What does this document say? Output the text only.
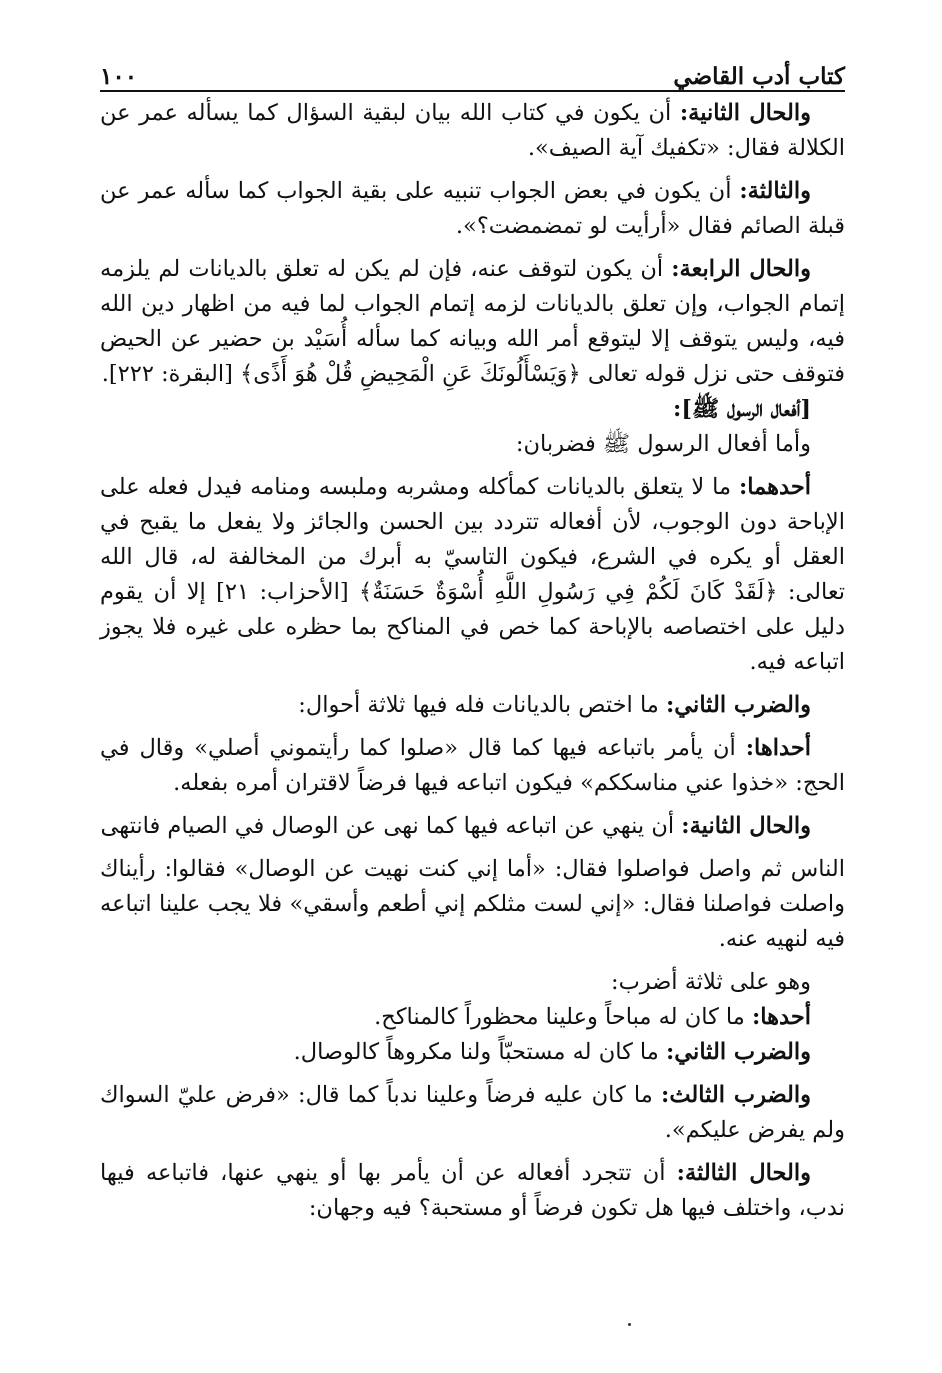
كتاب أدب القاضي
١٠٠

والحال الثانية: أن يكون في كتاب الله بيان لبقية السؤال كما يسأله عمر عن الكلالة فقال: «تكفيك آية الصيف».

والثالثة: أن يكون في بعض الجواب تنبيه على بقية الجواب كما سأله عمر عن قبلة الصائم فقال «أرأيت لو تمضمضت؟».

والحال الرابعة: أن يكون لتوقف عنه، فإن لم يكن له تعلق بالديانات لم يلزمه إتمام الجواب، وإن تعلق بالديانات لزمه إتمام الجواب لما فيه من اظهار دين الله فيه، وليس يتوقف إلا ليتوقع أمر الله وبيانه كما سأله أُسَيْد بن حضير عن الحيض فتوقف حتى نزل قوله تعالى ﴿وَيَسْأَلُونَكَ عَنِ الْمَحِيضِ قُلْ هُوَ أَذًى﴾ [البقرة: ٢٢٢].

[أفعال الرسول ﷺ]:

وأما أفعال الرسول ﷺ فضربان:

أحدهما: ما لا يتعلق بالديانات كمأكله ومشربه وملبسه ومنامه فيدل فعله على الإباحة دون الوجوب، لأن أفعاله تتردد بين الحسن والجائز ولا يفعل ما يقبح في العقل أو يكره في الشرع، فيكون التاسيّ به أبرك من المخالفة له، قال الله تعالى: ﴿لَقَدْ كَانَ لَكُمْ فِي رَسُولِ اللَّهِ أُسْوَةٌ حَسَنَةٌ﴾ [الأحزاب: ٢١] إلا أن يقوم دليل على اختصاصه بالإباحة كما خص في المناكح بما حظره على غيره فلا يجوز اتباعه فيه.

والضرب الثاني: ما اختص بالديانات فله فيها ثلاثة أحوال:

أحداها: أن يأمر باتباعه فيها كما قال «صلوا كما رأيتموني أصلي» وقال في الحج: «خذوا عني مناسككم» فيكون اتباعه فيها فرضاً لاقتران أمره بفعله.

والحال الثانية: أن ينهي عن اتباعه فيها كما نهى عن الوصال في الصيام فانتهى

الناس ثم واصل فواصلوا فقال: «أما إني كنت نهيت عن الوصال» فقالوا: رأيناك واصلت فواصلنا فقال: «إني لست مثلكم إني أطعم وأسقي» فلا يجب علينا اتباعه فيه لنهيه عنه.

وهو على ثلاثة أضرب:

أحدها: ما كان له مباحاً وعلينا محظوراً كالمناكح.

والضرب الثاني: ما كان له مستحبّاً ولنا مكروهاً كالوصال.

والضرب الثالث: ما كان عليه فرضاً وعلينا ندباً كما قال: «فرض عليّ السواك ولم يفرض عليكم».

والحال الثالثة: أن تتجرد أفعاله عن أن يأمر بها أو ينهي عنها، فاتباعه فيها ندب، واختلف فيها هل تكون فرضاً أو مستحبة؟ فيه وجهان:
